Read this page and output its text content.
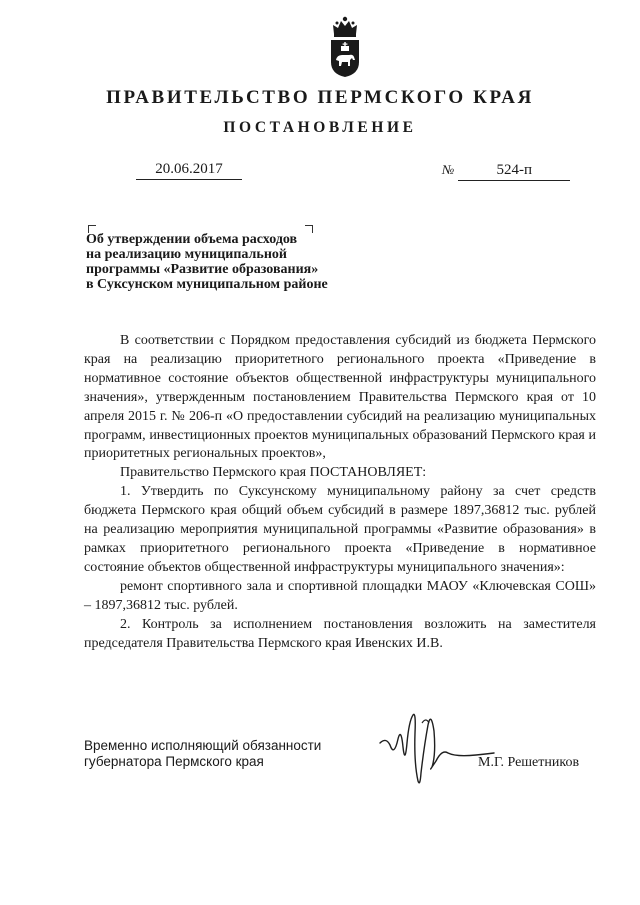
ПРАВИТЕЛЬСТВО ПЕРМСКОГО КРАЯ
ПОСТАНОВЛЕНИЕ
20.06.2017	№	524-п
Об утверждении объема расходов
на реализацию муниципальной
программы «Развитие образования»
в Суксунском муниципальном районе

В соответствии с Порядком предоставления субсидий из бюджета Пермского края на реализацию приоритетного регионального проекта «Приведение в нормативное состояние объектов общественной инфраструктуры муниципального значения», утвержденным постановлением Правительства Пермского края от 10 апреля 2015 г. № 206-п «О предоставлении субсидий на реализацию муниципальных программ, инвестиционных проектов муниципальных образований Пермского края и приоритетных региональных проектов»,

Правительство Пермского края ПОСТАНОВЛЯЕТ:

1. Утвердить по Суксунскому муниципальному району за счет средств бюджета Пермского края общий объем субсидий в размере 1897,36812 тыс. рублей на реализацию мероприятия муниципальной программы «Развитие образования» в рамках приоритетного регионального проекта «Приведение в нормативное состояние объектов общественной инфраструктуры муниципального значения»:

ремонт спортивного зала и спортивной площадки МАОУ «Ключевская СОШ» – 1897,36812 тыс. рублей.

2. Контроль за исполнением постановления возложить на заместителя председателя Правительства Пермского края Ивенских И.В.

Временно исполняющий обязанности
губернатора Пермского края	М.Г. Решетников
